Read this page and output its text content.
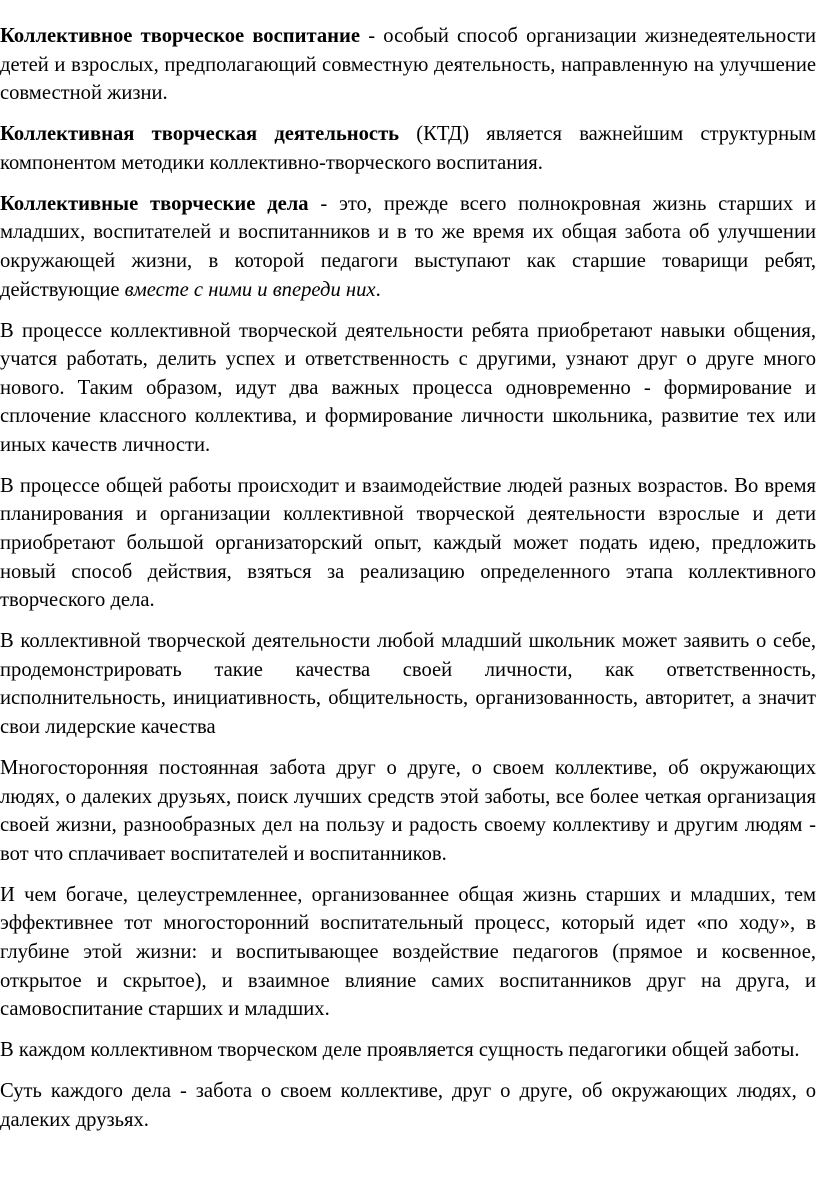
Коллективное творческое воспитание - особый способ организации жизнедеятельности детей и взрослых, предполагающий совместную деятельность, направленную на улучшение совместной жизни.

Коллективная творческая деятельность (КТД) является важнейшим структурным компонентом методики коллективно-творческого воспитания.

Коллективные творческие дела - это, прежде всего полнокровная жизнь старших и младших, воспитателей и воспитанников и в то же время их общая забота об улучшении окружающей жизни, в которой педагоги выступают как старшие товарищи ребят, действующие вместе с ними и впереди них.

В процессе коллективной творческой деятельности ребята приобретают навыки общения, учатся работать, делить успех и ответственность с другими, узнают друг о друге много нового. Таким образом, идут два важных процесса одновременно - формирование и сплочение классного коллектива, и формирование личности школьника, развитие тех или иных качеств личности.

В процессе общей работы происходит и взаимодействие людей разных возрастов. Во время планирования и организации коллективной творческой деятельности взрослые и дети приобретают большой организаторский опыт, каждый может подать идею, предложить новый способ действия, взяться за реализацию определенного этапа коллективного творческого дела.

В коллективной творческой деятельности любой младший школьник может заявить о себе, продемонстрировать такие качества своей личности, как ответственность, исполнительность, инициативность, общительность, организованность, авторитет, а значит свои лидерские качества

Многосторонняя постоянная забота друг о друге, о своем коллективе, об окружающих людях, о далеких друзьях, поиск лучших средств этой заботы, все более четкая организация своей жизни, разнообразных дел на пользу и радость своему коллективу и другим людям - вот что сплачивает воспитателей и воспитанников.

И чем богаче, целеустремленнее, организованнее общая жизнь старших и младших, тем эффективнее тот многосторонний воспитательный процесс, который идет «по ходу», в глубине этой жизни: и воспитывающее воздействие педагогов (прямое и косвенное, открытое и скрытое), и взаимное влияние самих воспитанников друг на друга, и самовоспитание старших и младших.

В каждом коллективном творческом деле проявляется сущность педагогики общей заботы.

Суть каждого дела - забота о своем коллективе, друг о друге, об окружающих людях, о далеких друзьях.
